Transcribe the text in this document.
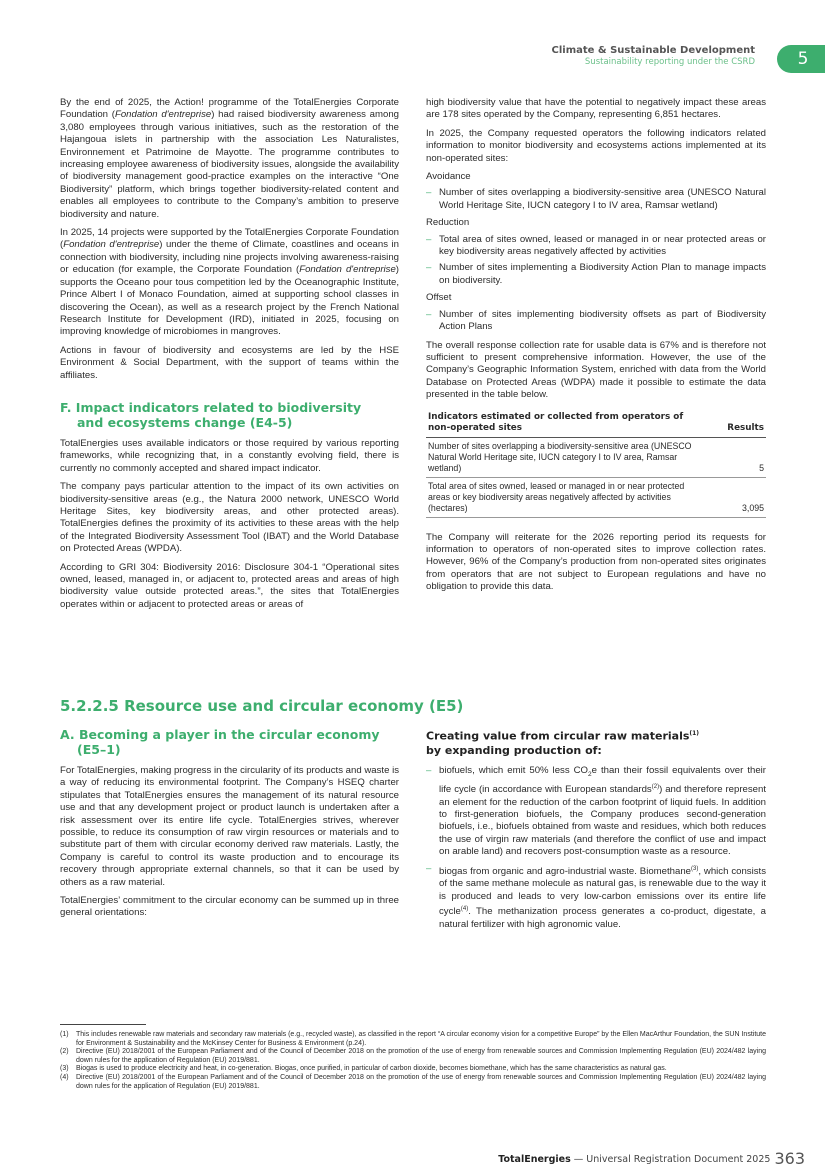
Climate & Sustainable Development
Sustainability reporting under the CSRD	5

By the end of 2025, the Action! programme of the TotalEnergies Corporate Foundation (Fondation d'entreprise) had raised biodiversity awareness among 3,080 employees through various initiatives, such as the restoration of the Hajangoua islets in partnership with the association Les Naturalistes, Environnement et Patrimoine de Mayotte. The programme contributes to increasing employee awareness of biodiversity issues, alongside the availability of biodiversity management good-practice examples on the interactive “One Biodiversity” platform, which brings together biodiversity-related content and enables all employees to contribute to the Company’s ambition to preserve biodiversity and nature.

In 2025, 14 projects were supported by the TotalEnergies Corporate Foundation (Fondation d'entreprise) under the theme of Climate, coastlines and oceans in connection with biodiversity, including nine projects involving awareness-raising or education (for example, the Corporate Foundation (Fondation d'entreprise) supports the Oceano pour tous competition led by the Oceanographic Institute, Prince Albert I of Monaco Foundation, aimed at supporting school classes in discovering the Ocean), as well as a research project by the French National Research Institute for Development (IRD), initiated in 2025, focusing on improving knowledge of microbiomes in mangroves.

Actions in favour of biodiversity and ecosystems are led by the HSE Environment & Social Department, with the support of teams within the affiliates.

F. Impact indicators related to biodiversity
and ecosystems change (E4-5)

TotalEnergies uses available indicators or those required by various reporting frameworks, while recognizing that, in a constantly evolving field, there is currently no commonly accepted and shared impact indicator.

The company pays particular attention to the impact of its own activities on biodiversity-sensitive areas (e.g., the Natura 2000 network, UNESCO World Heritage Sites, key biodiversity areas, and other protected areas). TotalEnergies defines the proximity of its activities to these areas with the help of the Integrated Biodiversity Assessment Tool (IBAT) and the World Database on Protected Areas (WPDA).

According to GRI 304: Biodiversity 2016: Disclosure 304-1 “Operational sites owned, leased, managed in, or adjacent to, protected areas and areas of high biodiversity value outside protected areas.”, the sites that TotalEnergies operates within or adjacent to protected areas or areas of

high biodiversity value that have the potential to negatively impact these areas are 178 sites operated by the Company, representing 6,851 hectares.

In 2025, the Company requested operators the following indicators related information to monitor biodiversity and ecosystems actions implemented at its non-operated sites:

Avoidance
– Number of sites overlapping a biodiversity-sensitive area (UNESCO Natural World Heritage Site, IUCN category I to IV area, Ramsar wetland)
Reduction
– Total area of sites owned, leased or managed in or near protected areas or key biodiversity areas negatively affected by activities
– Number of sites implementing a Biodiversity Action Plan to manage impacts on biodiversity.
Offset
– Number of sites implementing biodiversity offsets as part of Biodiversity Action Plans

The overall response collection rate for usable data is 67% and is therefore not sufficient to present comprehensive information. However, the use of the Company’s Geographic Information System, enriched with data from the World Database on Protected Areas (WDPA) made it possible to estimate the data presented in the table below.

Indicators estimated or collected from operators of non-operated sites	Results
Number of sites overlapping a biodiversity-sensitive area (UNESCO Natural World Heritage site, IUCN category I to IV area, Ramsar wetland)	5
Total area of sites owned, leased or managed in or near protected areas or key biodiversity areas negatively affected by activities (hectares)	3,095

The Company will reiterate for the 2026 reporting period its requests for information to operators of non-operated sites to improve collection rates. However, 96% of the Company’s production from non-operated sites originates from operators that are not subject to European regulations and have no obligation to provide this data.

5.2.2.5 Resource use and circular economy (E5)
A. Becoming a player in the circular economy
(E5–1)

For TotalEnergies, making progress in the circularity of its products and waste is a way of reducing its environmental footprint. The Company’s HSEQ charter stipulates that TotalEnergies ensures the management of its natural resource use and that any development project or product launch is undertaken after a risk assessment over its entire life cycle. TotalEnergies strives, wherever possible, to reduce its consumption of raw virgin resources or materials and to substitute part of them with circular economy derived raw materials. Lastly, the Company is careful to control its waste production and to encourage its recovery through appropriate external channels, so that it can be used by others as a raw material.

TotalEnergies’ commitment to the circular economy can be summed up in three general orientations:

Creating value from circular raw materials$^{(1)}$
by expanding production of:
– biofuels, which emit 50% less $CO_2e$ than their fossil equivalents over their life cycle (in accordance with European standards$^{(2)}$) and therefore represent an element for the reduction of the carbon footprint of liquid fuels. In addition to first-generation biofuels, the Company produces second-generation biofuels, i.e., biofuels obtained from waste and residues, which both reduces the use of virgin raw materials (and therefore the conflict of use and impact on arable land) and recovers post-consumption waste as a resource.
– biogas from organic and agro-industrial waste. Biomethane$^{(3)}$, which consists of the same methane molecule as natural gas, is renewable due to the way it is produced and leads to very low-carbon emissions over its entire life cycle$^{(4)}$. The methanization process generates a co-product, digestate, a natural fertilizer with high agronomic value.
(1) This includes renewable raw materials and secondary raw materials (e.g., recycled waste), as classified in the report “A circular economy vision for a competitive Europe” by the Ellen MacArthur Foundation, the SUN Institute for Environment & Sustainability and the McKinsey Center for Business & Environment (p.24).
(2) Directive (EU) 2018/2001 of the European Parliament and of the Council of December 2018 on the promotion of the use of energy from renewable sources and Commission Implementing Regulation (EU) 2024/482 laying down rules for the application of Regulation (EU) 2019/881.
(3) Biogas is used to produce electricity and heat, in co-generation. Biogas, once purified, in particular of carbon dioxide, becomes biomethane, which has the same characteristics as natural gas.
(4) Directive (EU) 2018/2001 of the European Parliament and of the Council of December 2018 on the promotion of the use of energy from renewable sources and Commission Implementing Regulation (EU) 2024/482 laying down rules for the application of Regulation (EU) 2019/881.
TotalEnergies — Universal Registration Document 2025 363
